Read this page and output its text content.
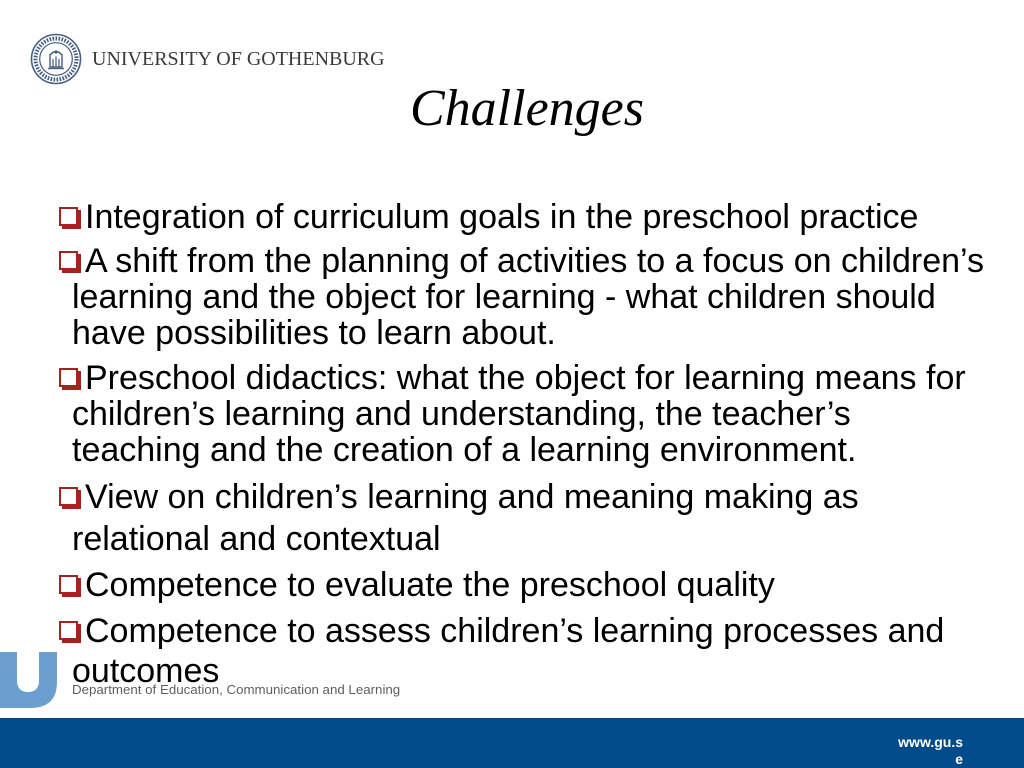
UNIVERSITY OF GOTHENBURG
Challenges
Integration of curriculum goals in the preschool practice
A shift from the planning of activities to a focus on children’s
learning and the object for learning - what children should
have possibilities to learn about.
Preschool didactics: what the object for learning means for
children’s learning and understanding, the teacher’s
teaching and the creation of a learning environment.
View on children’s learning and meaning making as
relational and contextual
Competence to evaluate the preschool quality
Competence to assess children’s learning processes and
outcomes
Department of Education, Communication and Learning
www.gu.se
